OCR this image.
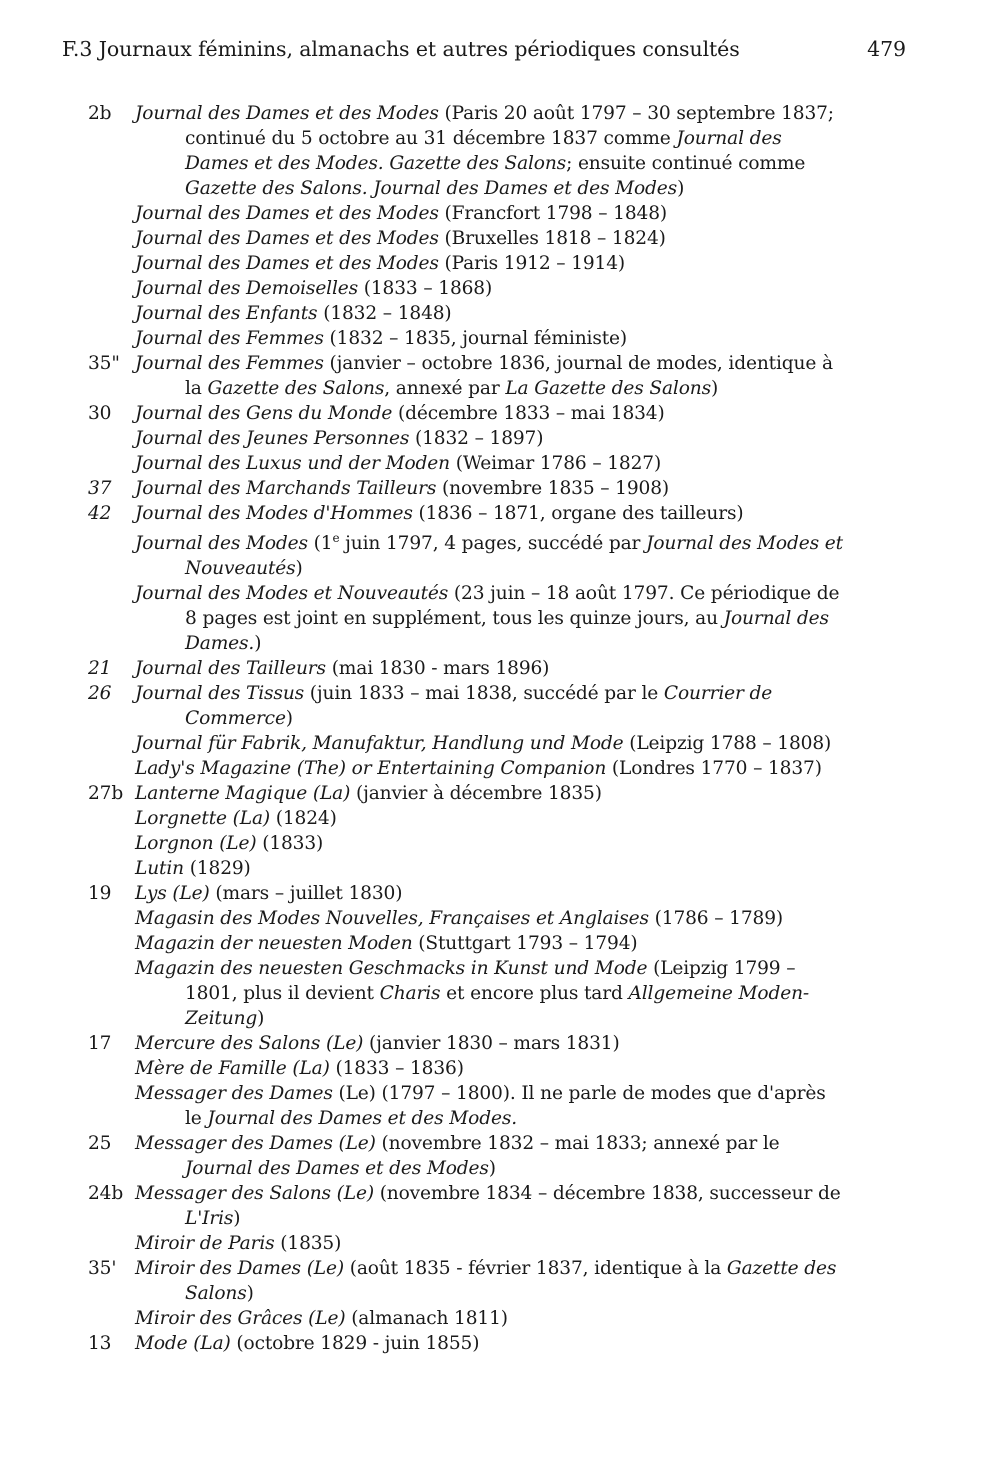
F.3 Journaux féminins, almanachs et autres périodiques consultés	479
2b	Journal des Dames et des Modes (Paris 20 août 1797 – 30 septembre 1837; continué du 5 octobre au 31 décembre 1837 comme Journal des Dames et des Modes. Gazette des Salons; ensuite continué comme Gazette des Salons. Journal des Dames et des Modes)
Journal des Dames et des Modes (Francfort 1798 – 1848)
Journal des Dames et des Modes (Bruxelles 1818 – 1824)
Journal des Dames et des Modes (Paris 1912 – 1914)
Journal des Demoiselles (1833 – 1868)
Journal des Enfants (1832 – 1848)
Journal des Femmes (1832 – 1835, journal féministe)
35" Journal des Femmes (janvier – octobre 1836, journal de modes, identique à la Gazette des Salons, annexé par La Gazette des Salons)
30	Journal des Gens du Monde (décembre 1833 – mai 1834)
Journal des Jeunes Personnes (1832 – 1897)
Journal des Luxus und der Moden (Weimar 1786 – 1827)
37	Journal des Marchands Tailleurs (novembre 1835 – 1908)
42	Journal des Modes d'Hommes (1836 – 1871, organe des tailleurs)
Journal des Modes (1e juin 1797, 4 pages, succédé par Journal des Modes et Nouveautés)
Journal des Modes et Nouveautés (23 juin – 18 août 1797. Ce périodique de 8 pages est joint en supplément, tous les quinze jours, au Journal des Dames.)
21	Journal des Tailleurs (mai 1830 - mars 1896)
26	Journal des Tissus (juin 1833 – mai 1838, succédé par le Courrier de Commerce)
Journal für Fabrik, Manufaktur, Handlung und Mode (Leipzig 1788 – 1808)
Lady's Magazine (The) or Entertaining Companion (Londres 1770 – 1837)
27b Lanterne Magique (La) (janvier à décembre 1835)
Lorgnette (La) (1824)
Lorgnon (Le) (1833)
Lutin (1829)
19	Lys (Le) (mars – juillet 1830)
Magasin des Modes Nouvelles, Françaises et Anglaises (1786 – 1789)
Magazin der neuesten Moden (Stuttgart 1793 – 1794)
Magazin des neuesten Geschmacks in Kunst und Mode (Leipzig 1799 – 1801, plus il devient Charis et encore plus tard Allgemeine Moden-Zeitung)
17	Mercure des Salons (Le) (janvier 1830 – mars 1831)
Mère de Famille (La) (1833 – 1836)
Messager des Dames (Le) (1797 – 1800). Il ne parle de modes que d'après le Journal des Dames et des Modes.
25	Messager des Dames (Le) (novembre 1832 – mai 1833; annexé par le Journal des Dames et des Modes)
24b Messager des Salons (Le) (novembre 1834 – décembre 1838, successeur de L'Iris)
Miroir de Paris (1835)
35'	Miroir des Dames (Le) (août 1835 - février 1837, identique à la Gazette des Salons)
Miroir des Grâces (Le) (almanach 1811)
13	Mode (La) (octobre 1829 - juin 1855)
